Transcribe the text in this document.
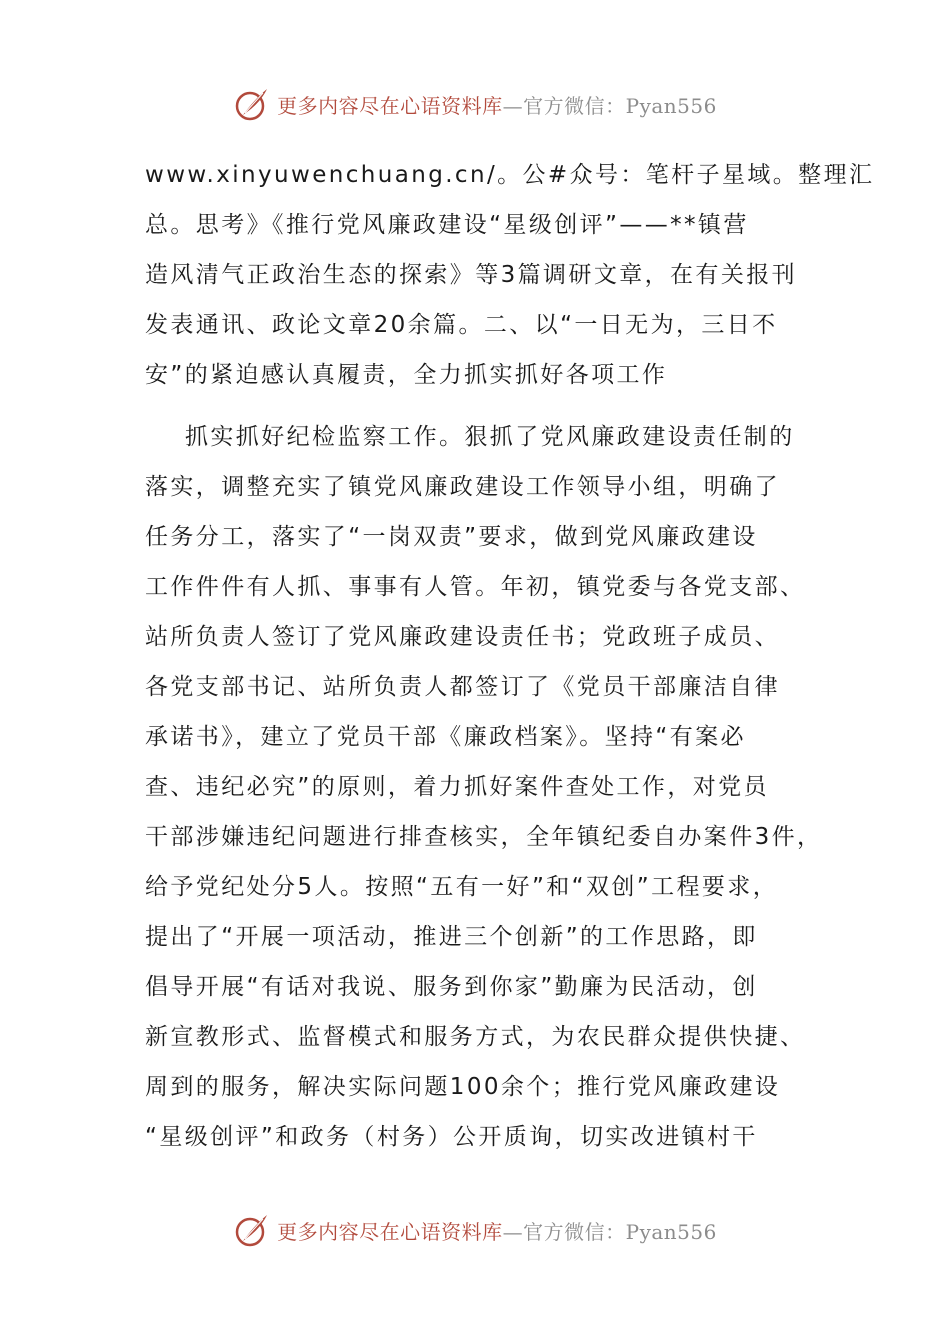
更多内容尽在心语资料库—官方微信：Pyan556
www.xinyuwenchuang.cn/。公#众号：笔杆子星域。整理汇
总。思考》《推行党风廉政建设“星级创评”——**镇营
造风清气正政治生态的探索》等3篇调研文章，在有关报刊
发表通讯、政论文章20余篇。二、以“一日无为，三日不
安”的紧迫感认真履责，全力抓实抓好各项工作
抓实抓好纪检监察工作。狠抓了党风廉政建设责任制的
落实，调整充实了镇党风廉政建设工作领导小组，明确了
任务分工，落实了“一岗双责”要求，做到党风廉政建设
工作件件有人抓、事事有人管。年初，镇党委与各党支部、
站所负责人签订了党风廉政建设责任书；党政班子成员、
各党支部书记、站所负责人都签订了《党员干部廉洁自律
承诺书》，建立了党员干部《廉政档案》。坚持“有案必
查、违纪必究”的原则，着力抓好案件查处工作，对党员
干部涉嫌违纪问题进行排查核实，全年镇纪委自办案件3件，
给予党纪处分5人。按照“五有一好”和“双创”工程要求，
提出了“开展一项活动，推进三个创新”的工作思路，即
倡导开展“有话对我说、服务到你家”勤廉为民活动，创
新宣教形式、监督模式和服务方式，为农民群众提供快捷、
周到的服务，解决实际问题100余个；推行党风廉政建设
“星级创评”和政务（村务）公开质询，切实改进镇村干
更多内容尽在心语资料库—官方微信：Pyan556
